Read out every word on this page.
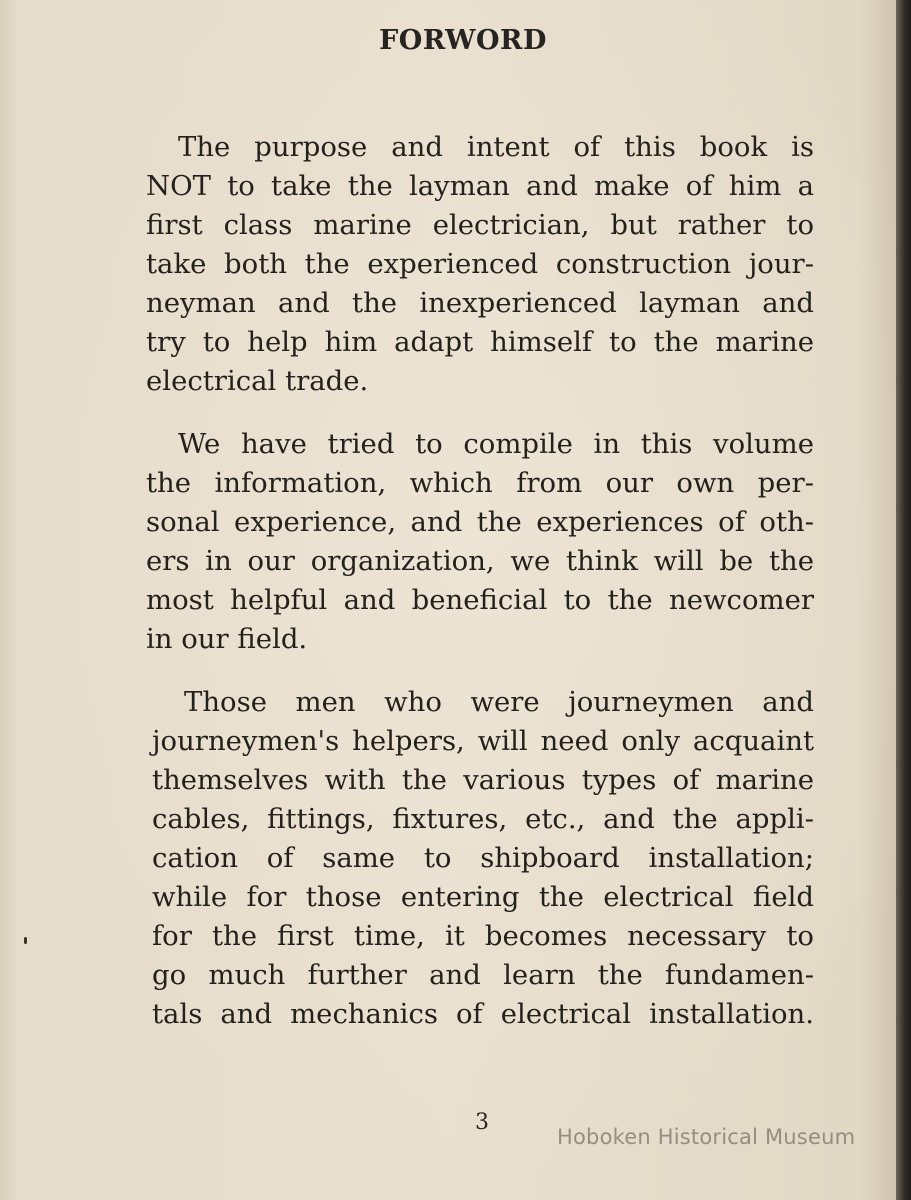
FORWORD
The purpose and intent of this book is
NOT to take the layman and make of him a
first class marine electrician, but rather to
take both the experienced construction jour-
neyman and the inexperienced layman and
try to help him adapt himself to the marine
electrical trade.
We have tried to compile in this volume
the information, which from our own per-
sonal experience, and the experiences of oth-
ers in our organization, we think will be the
most helpful and beneficial to the newcomer
in our field.
Those men who were journeymen and
journeymen's helpers, will need only acquaint
themselves with the various types of marine
cables, fittings, fixtures, etc., and the appli-
cation of same to shipboard installation;
while for those entering the electrical field
for the first time, it becomes necessary to
go much further and learn the fundamen-
tals and mechanics of electrical installation.
3
Hoboken Historical Museum
